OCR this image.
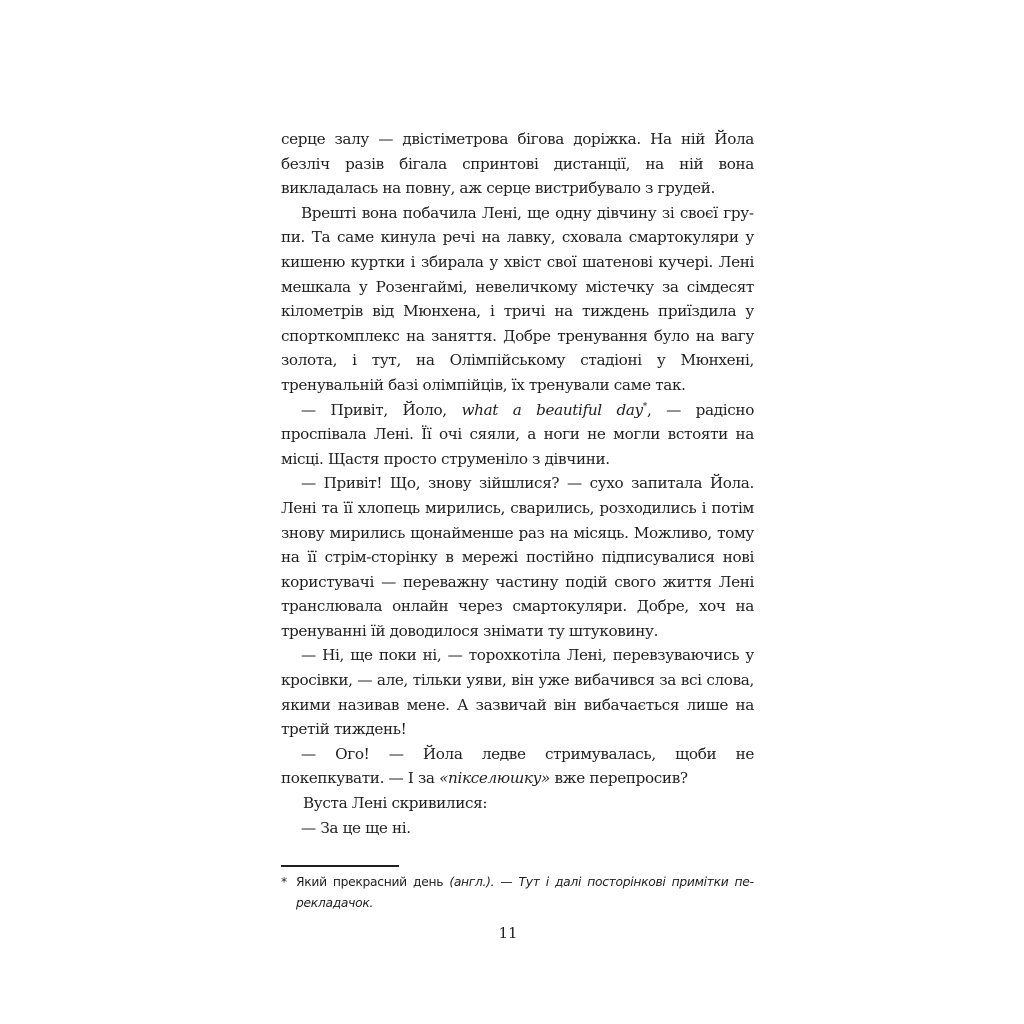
серце залу — двістіметрова бігова доріжка. На ній Йола безліч разів бігала спринтові дистанції, на ній вона викладалась на повну, аж серце вистрибувало з грудей.

Врешті вона побачила Лені, ще одну дівчину зі своєї групи. Та саме кинула речі на лавку, сховала смартокуляри у кишеню куртки і збирала у хвіст свої шатенові кучері. Лені мешкала у Розенгаймі, невеличкому містечку за сімдесят кілометрів від Мюнхена, і тричі на тиждень приїздила у спорткомплекс на заняття. Добре тренування було на вагу золота, і тут, на Олімпійському стадіоні у Мюнхені, тренувальній базі олімпійців, їх тренували саме так.

— Привіт, Йоло, what a beautiful day*, — радісно проспівала Лені. Її очі сяяли, а ноги не могли встояти на місці. Щастя просто струменіло з дівчини.

— Привіт! Що, знову зійшлися? — сухо запитала Йола. Лені та її хлопець мирились, сварились, розходились і потім знову мирились щонайменше раз на місяць. Можливо, тому на її стрім-сторінку в мережі постійно підписувалися нові користувачі — переважну частину подій свого життя Лені транслювала онлайн через смартокуляри. Добре, хоч на тренуванні їй доводилося знімати ту штуковину.

— Ні, ще поки ні, — торохкотіла Лені, перевзуваючись у кросівки, — але, тільки уяви, він уже вибачився за всі слова, якими називав мене. А зазвичай він вибачається лише на третій тиждень!

— Ого! — Йола ледве стримувалась, щоби не покепкувати. — І за «пікселюшку» вже перепросив?

Вуста Лені скривилися:

— За це ще ні.

* Який прекрасний день (англ.). — Тут і далі посторінкові примітки перекладачок.
11
